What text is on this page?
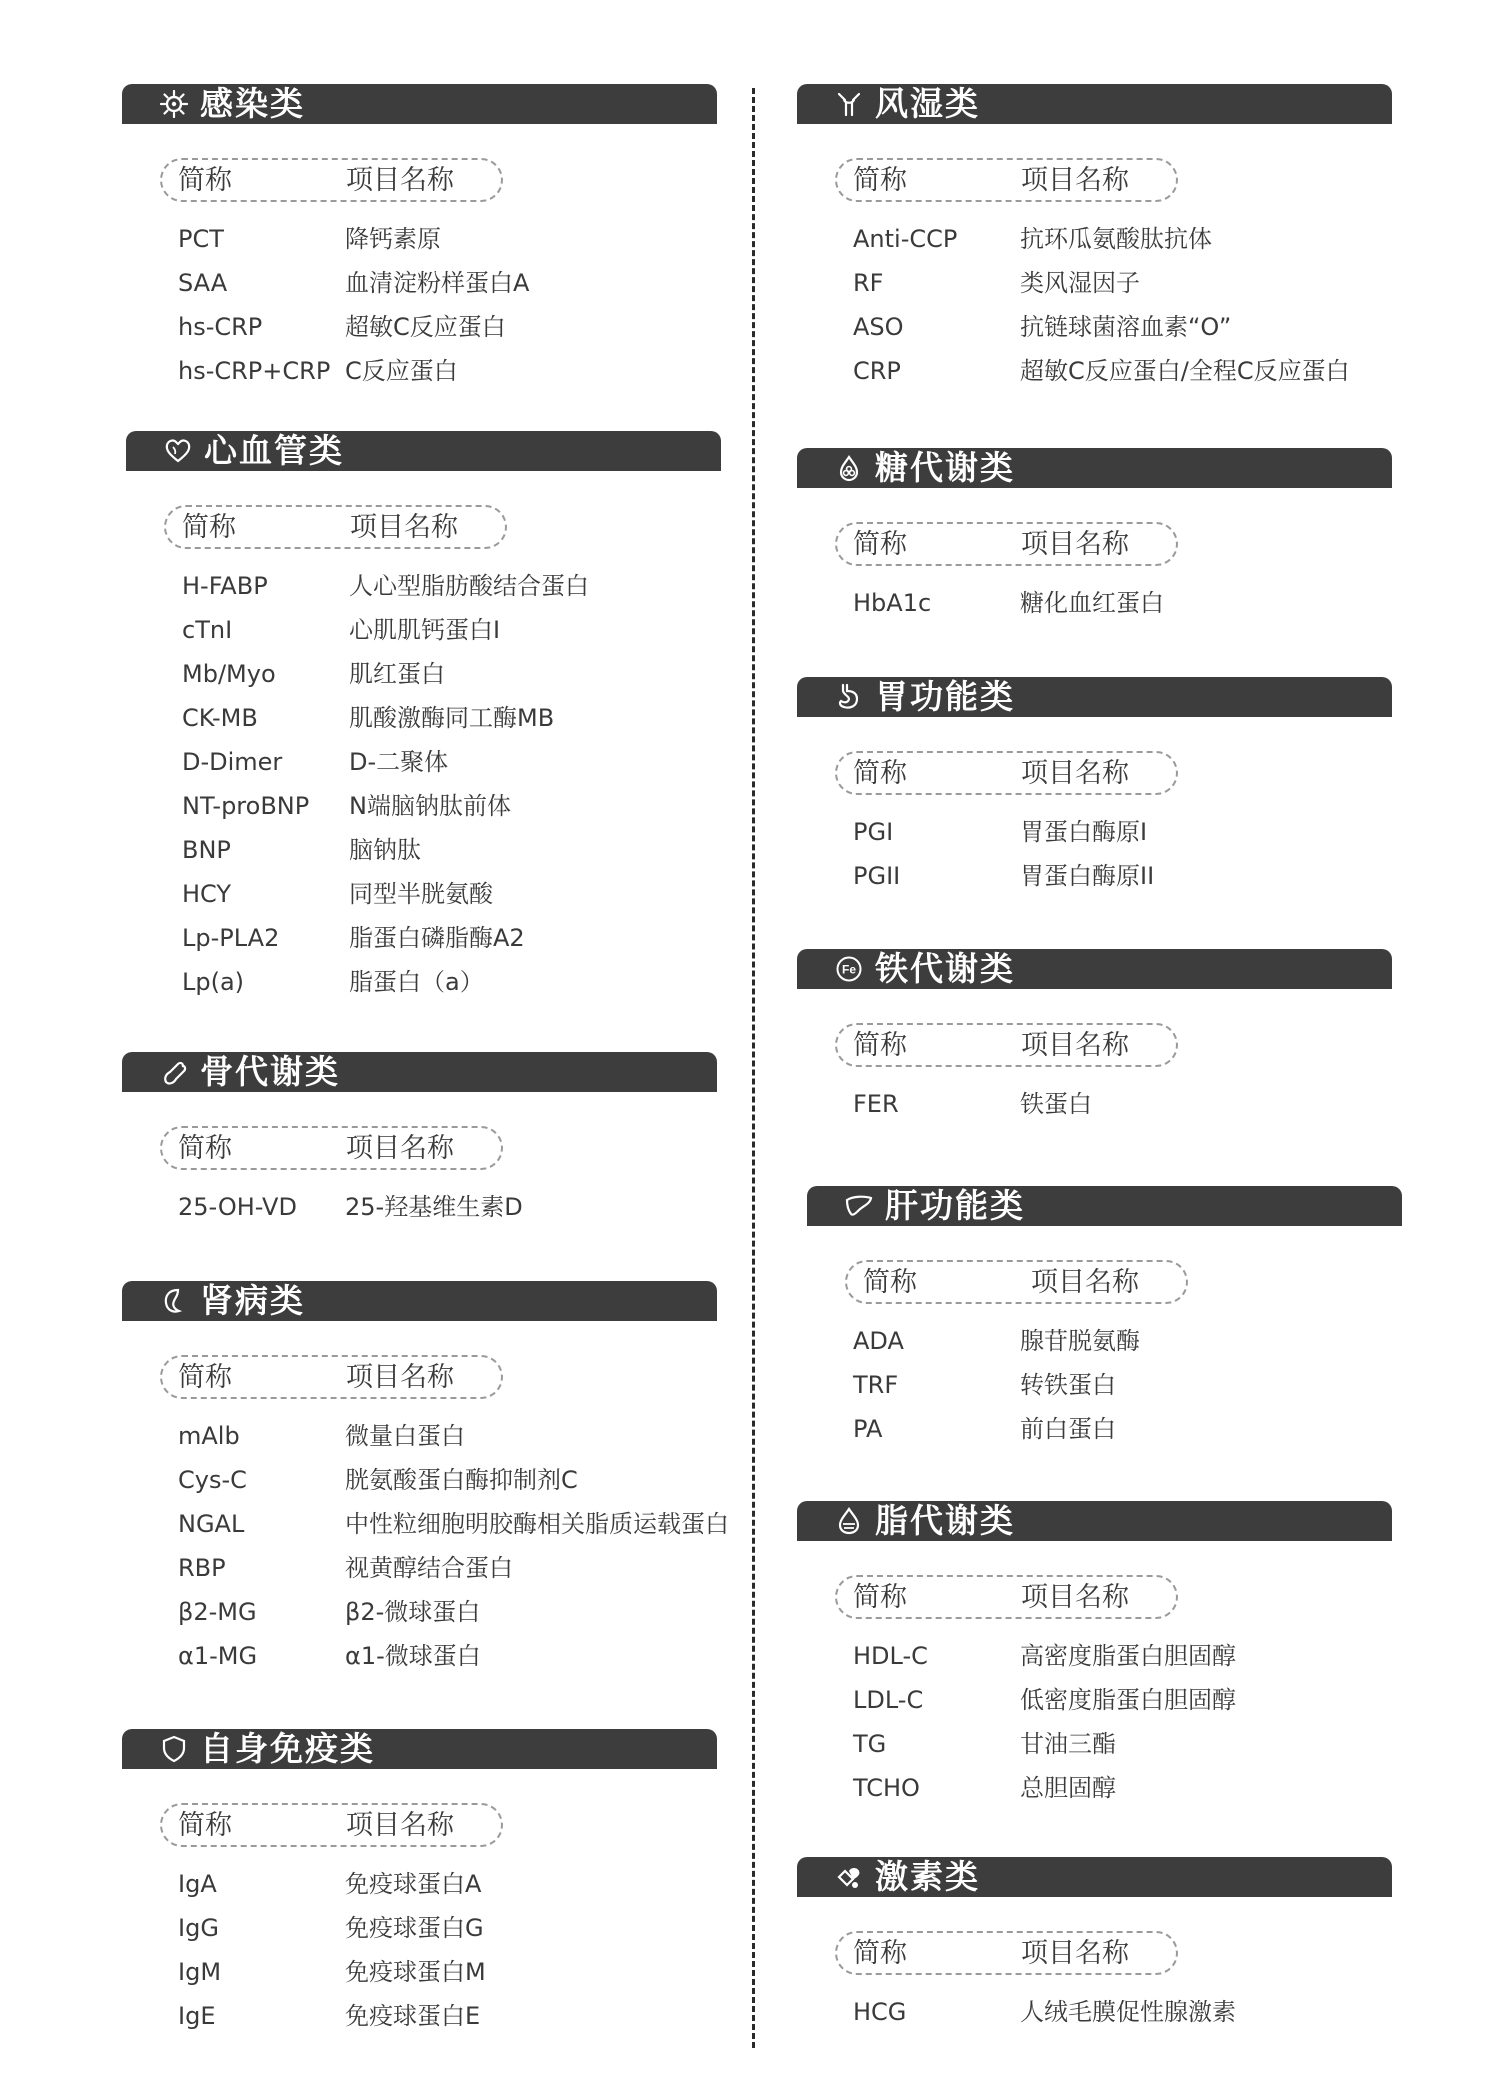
感染类
简称	项目名称
PCT	降钙素原
SAA	血清淀粉样蛋白A
hs-CRP	超敏C反应蛋白
hs-CRP+CRP C反应蛋白
心血管类
简称	项目名称
H-FABP	人心型脂肪酸结合蛋白
cTnI	心肌肌钙蛋白I
Mb/Myo	肌红蛋白
CK-MB	肌酸激酶同工酶MB
D-Dimer	D-二聚体
NT-proBNP N端脑钠肽前体
BNP	脑钠肽
HCY	同型半胱氨酸
Lp-PLA2	脂蛋白磷脂酶A2
Lp(a)	脂蛋白（a）
骨代谢类
简称	项目名称
25-OH-VD 25-羟基维生素D
肾病类
简称	项目名称
mAlb	微量白蛋白
Cys-C	胱氨酸蛋白酶抑制剂C
NGAL	中性粒细胞明胶酶相关脂质运载蛋白
RBP	视黄醇结合蛋白
β2-MG	β2-微球蛋白
α1-MG	α1-微球蛋白
自身免疫类
简称	项目名称
IgA	免疫球蛋白A
IgG	免疫球蛋白G
IgM	免疫球蛋白M
IgE	免疫球蛋白E
风湿类
简称	项目名称
Anti-CCP	抗环瓜氨酸肽抗体
RF	类风湿因子
ASO	抗链球菌溶血素“O”
CRP	超敏C反应蛋白/全程C反应蛋白
糖代谢类
简称	项目名称
HbA1c	糖化血红蛋白
胃功能类
简称	项目名称
PGI	胃蛋白酶原I
PGII	胃蛋白酶原II
Fe 铁代谢类
简称	项目名称
FER	铁蛋白
肝功能类
简称	项目名称
ADA	腺苷脱氨酶
TRF	转铁蛋白
PA	前白蛋白
脂代谢类
简称	项目名称
HDL-C	高密度脂蛋白胆固醇
LDL-C	低密度脂蛋白胆固醇
TG	甘油三酯
TCHO	总胆固醇
激素类
简称	项目名称
HCG	人绒毛膜促性腺激素
